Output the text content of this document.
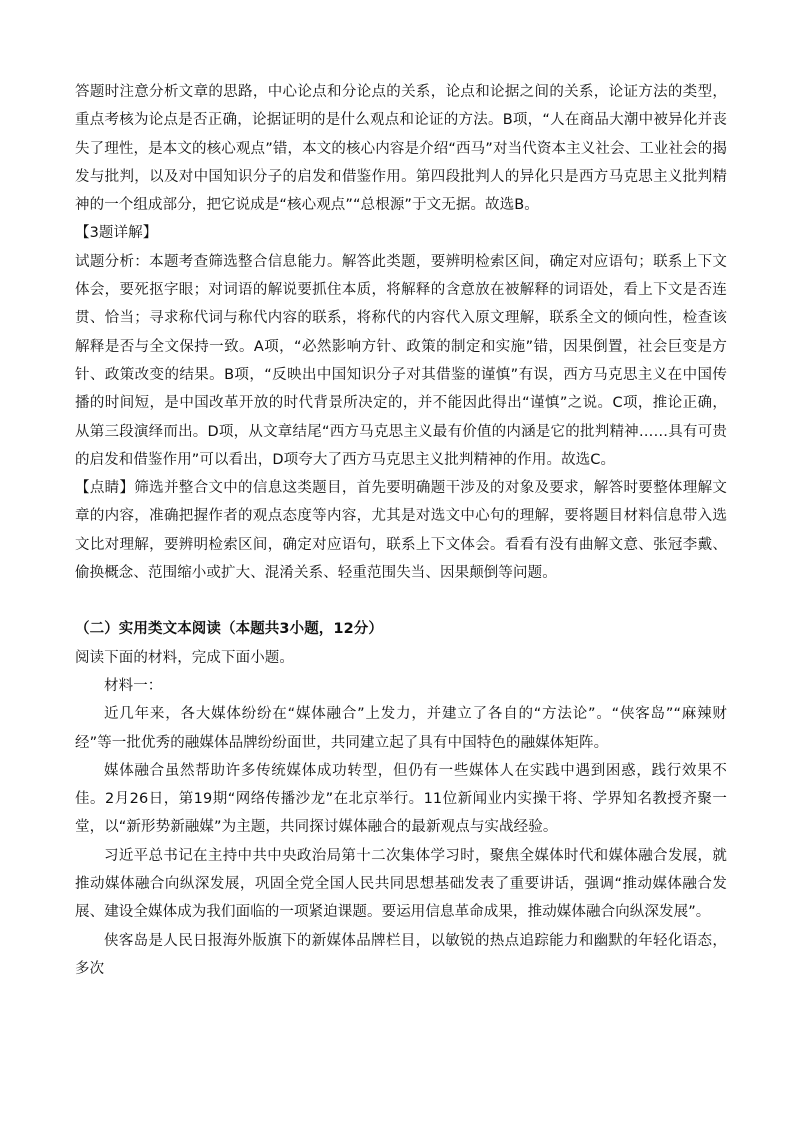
答题时注意分析文章的思路，中心论点和分论点的关系，论点和论据之间的关系，论证方法的类型，重点考核为论点是否正确，论据证明的是什么观点和论证的方法。B项，“人在商品大潮中被异化并丧失了理性，是本文的核心观点”错，本文的核心内容是介绍“西马”对当代资本主义社会、工业社会的揭发与批判，以及对中国知识分子的启发和借鉴作用。第四段批判人的异化只是西方马克思主义批判精神的一个组成部分，把它说成是“核心观点”“总根源”于文无据。故选B。

【3题详解】

试题分析：本题考查筛选整合信息能力。解答此类题，要辨明检索区间，确定对应语句；联系上下文体会，要死抠字眼；对词语的解说要抓住本质，将解释的含意放在被解释的词语处，看上下文是否连贯、恰当；寻求称代词与称代内容的联系，将称代的内容代入原文理解，联系全文的倾向性，检查该解释是否与全文保持一致。A项，“必然影响方针、政策的制定和实施”错，因果倒置，社会巨变是方针、政策改变的结果。B项，“反映出中国知识分子对其借鉴的谨慎”有误，西方马克思主义在中国传播的时间短，是中国改革开放的时代背景所决定的，并不能因此得出“谨慎”之说。C项，推论正确，从第三段演绎而出。D项，从文章结尾“西方马克思主义最有价值的内涵是它的批判精神……具有可贵的启发和借鉴作用”可以看出，D项夸大了西方马克思主义批判精神的作用。故选C。

【点睛】筛选并整合文中的信息这类题目，首先要明确题干涉及的对象及要求，解答时要整体理解文章的内容，准确把握作者的观点态度等内容，尤其是对选文中心句的理解，要将题目材料信息带入选文比对理解，要辨明检索区间，确定对应语句，联系上下文体会。看看有没有曲解文意、张冠李戴、偷换概念、范围缩小或扩大、混淆关系、轻重范围失当、因果颠倒等问题。

（二）实用类文本阅读（本题共3小题，12分）

阅读下面的材料，完成下面小题。

材料一：

近几年来，各大媒体纷纷在“媒体融合”上发力，并建立了各自的“方法论”。“侠客岛”“麻辣财经”等一批优秀的融媒体品牌纷纷面世，共同建立起了具有中国特色的融媒体矩阵。

媒体融合虽然帮助许多传统媒体成功转型，但仍有一些媒体人在实践中遇到困惑，践行效果不佳。2月26日，第19期“网络传播沙龙”在北京举行。11位新闻业内实操干将、学界知名教授齐聚一堂，以“新形势新融媒”为主题，共同探讨媒体融合的最新观点与实战经验。

习近平总书记在主持中共中央政治局第十二次集体学习时，聚焦全媒体时代和媒体融合发展，就推动媒体融合向纵深发展，巩固全党全国人民共同思想基础发表了重要讲话，强调“推动媒体融合发展、建设全媒体成为我们面临的一项紧迫课题。要运用信息革命成果，推动媒体融合向纵深发展”。

侠客岛是人民日报海外版旗下的新媒体品牌栏目，以敏锐的热点追踪能力和幽默的年轻化语态，多次
